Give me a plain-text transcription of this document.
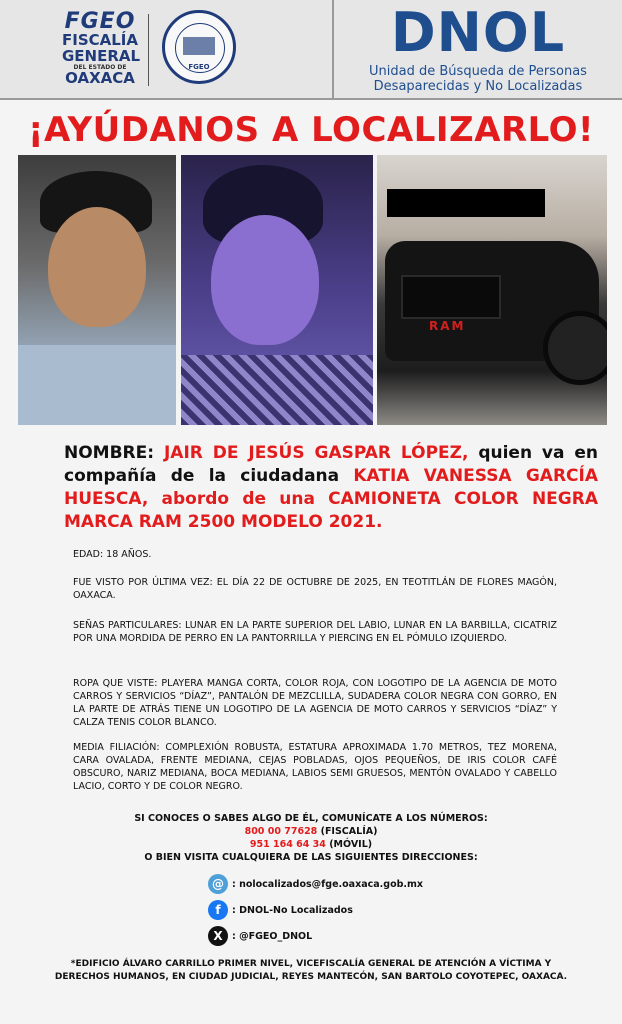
FGEO
FISCALÍA
GENERAL
DEL ESTADO DE
OAXACA
FGEO
DNOL
Unidad de Búsqueda de Personas
Desaparecidas y No Localizadas
¡AYÚDANOS A LOCALIZARLO!
RAM
NOMBRE: JAIR DE JESÚS GASPAR LÓPEZ, quien va en compañía de la ciudadana KATIA VANESSA GARCÍA HUESCA, abordo de una CAMIONETA COLOR NEGRA MARCA RAM 2500 MODELO 2021.
EDAD: 18 AÑOS.
FUE VISTO POR ÚLTIMA VEZ: EL DÍA 22 DE OCTUBRE DE 2025, EN TEOTITLÁN DE FLORES MAGÓN, OAXACA.
SEÑAS PARTICULARES: LUNAR EN LA PARTE SUPERIOR DEL LABIO, LUNAR EN LA BARBILLA, CICATRIZ POR UNA MORDIDA DE PERRO EN LA PANTORRILLA Y PIERCING EN EL PÓMULO IZQUIERDO.
ROPA QUE VISTE: PLAYERA MANGA CORTA, COLOR ROJA, CON LOGOTIPO DE LA AGENCIA DE MOTO CARROS Y SERVICIOS “DÍAZ”, PANTALÓN DE MEZCLILLA, SUDADERA COLOR NEGRA CON GORRO, EN LA PARTE DE ATRÁS TIENE UN LOGOTIPO DE LA AGENCIA DE MOTO CARROS Y SERVICIOS “DÍAZ” Y CALZA TENIS COLOR BLANCO.
MEDIA FILIACIÓN: COMPLEXIÓN ROBUSTA, ESTATURA APROXIMADA 1.70 METROS, TEZ MORENA, CARA OVALADA, FRENTE MEDIANA, CEJAS POBLADAS, OJOS PEQUEÑOS, DE IRIS COLOR CAFÉ OBSCURO, NARIZ MEDIANA, BOCA MEDIANA, LABIOS SEMI GRUESOS, MENTÓN OVALADO Y CABELLO LACIO, CORTO Y DE COLOR NEGRO.
SI CONOCES O SABES ALGO DE ÉL, COMUNÍCATE A LOS NÚMEROS:
800 00 77628 (FISCALÍA)
951 164 64 34 (MÓVIL)
O BIEN VISITA CUALQUIERA DE LAS SIGUIENTES DIRECCIONES:
@ : nolocalizados@fge.oaxaca.gob.mx
f	: DNOL-No Localizados
X : @FGEO_DNOL
*EDIFICIO ÁLVARO CARRILLO PRIMER NIVEL, VICEFISCALÍA GENERAL DE ATENCIÓN A VÍCTIMA Y DERECHOS HUMANOS, EN CIUDAD JUDICIAL, REYES MANTECÓN, SAN BARTOLO COYOTEPEC, OAXACA.
